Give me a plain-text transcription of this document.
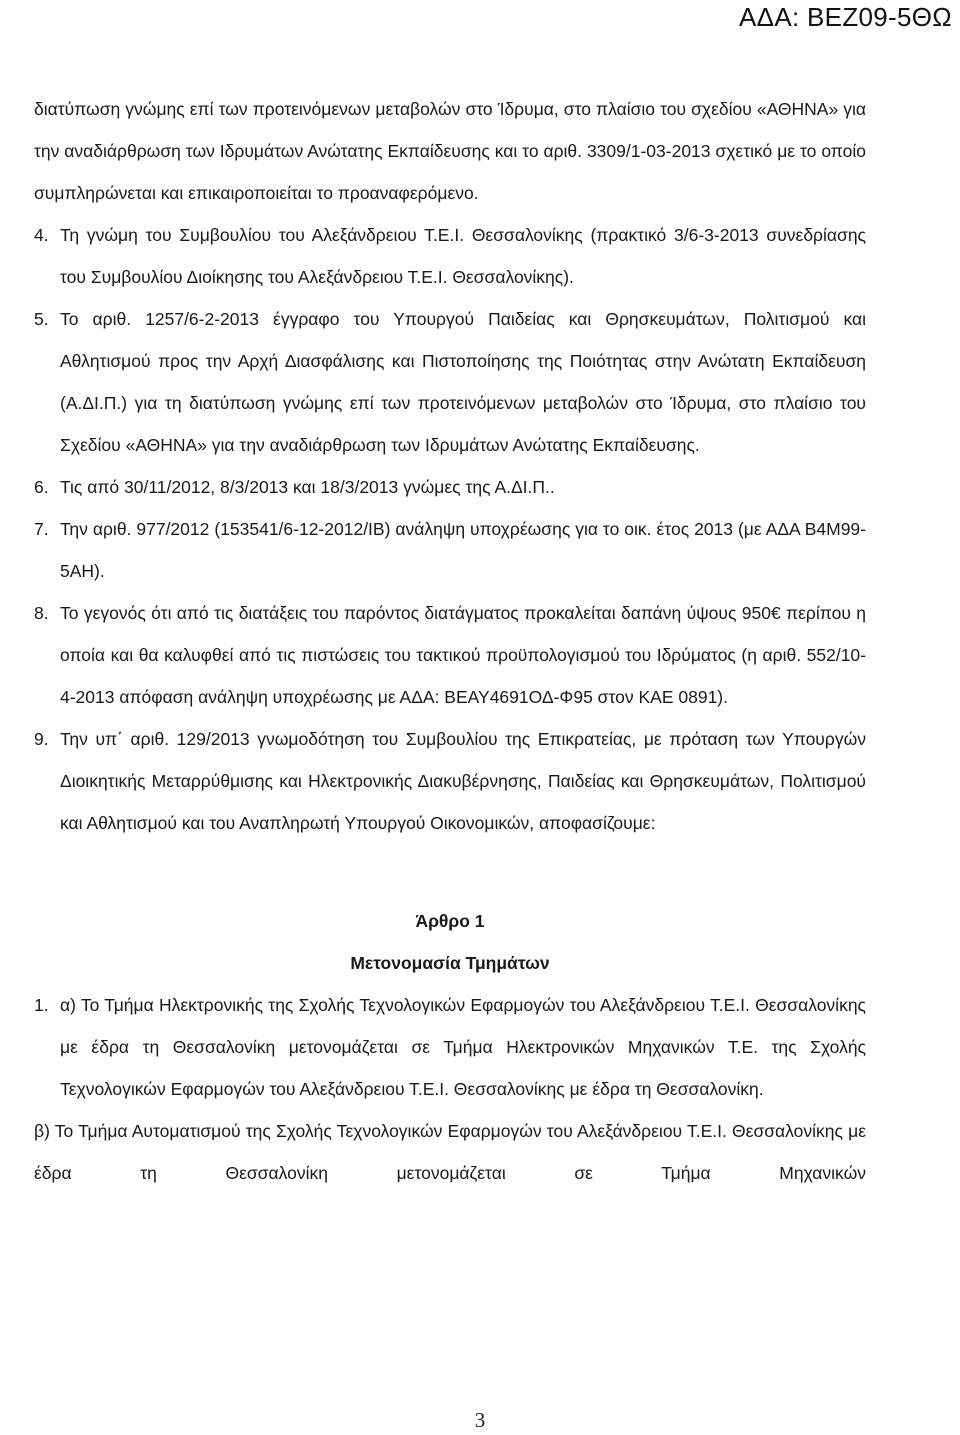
ΑΔΑ: ΒΕΖ09-5ΘΩ

διατύπωση γνώμης επί των προτεινόμενων μεταβολών στο Ίδρυμα, στο πλαίσιο του σχεδίου «ΑΘΗΝΑ» για την αναδιάρθρωση των Ιδρυμάτων Ανώτατης Εκπαίδευσης και το αριθ. 3309/1-03-2013 σχετικό με το οποίο συμπληρώνεται και επικαιροποιείται το προαναφερόμενο.

4. Τη γνώμη του Συμβουλίου του Αλεξάνδρειου Τ.Ε.Ι. Θεσσαλονίκης (πρακτικό 3/6-3-2013 συνεδρίασης του Συμβουλίου Διοίκησης του Αλεξάνδρειου Τ.Ε.Ι. Θεσσαλονίκης).
5. Το αριθ. 1257/6-2-2013 έγγραφο του Υπουργού Παιδείας και Θρησκευμάτων, Πολιτισμού και Αθλητισμού προς την Αρχή Διασφάλισης και Πιστοποίησης της Ποιότητας στην Ανώτατη Εκπαίδευση (Α.ΔΙ.Π.) για τη διατύπωση γνώμης επί των προτεινόμενων μεταβολών στο Ίδρυμα, στο πλαίσιο του Σχεδίου «ΑΘΗΝΑ» για την αναδιάρθρωση των Ιδρυμάτων Ανώτατης Εκπαίδευσης.
6. Τις από 30/11/2012, 8/3/2013 και 18/3/2013 γνώμες της Α.ΔΙ.Π..
7. Την αριθ. 977/2012 (153541/6-12-2012/ΙΒ) ανάληψη υποχρέωσης για το οικ. έτος 2013 (με ΑΔΑ Β4Μ99-5ΑΗ).
8. Το γεγονός ότι από τις διατάξεις του παρόντος διατάγματος προκαλείται δαπάνη ύψους 950€ περίπου η οποία και θα καλυφθεί από τις πιστώσεις του τακτικού προϋπολογισμού του Ιδρύματος (η αριθ. 552/10-4-2013 απόφαση ανάληψη υποχρέωσης με ΑΔΑ: ΒΕΑΥ4691ΟΔ-Φ95 στον ΚΑΕ 0891).
9. Την υπ΄ αριθ. 129/2013 γνωμοδότηση του Συμβουλίου της Επικρατείας, με πρόταση των Υπουργών Διοικητικής Μεταρρύθμισης και Ηλεκτρονικής Διακυβέρνησης, Παιδείας και Θρησκευμάτων, Πολιτισμού και Αθλητισμού και του Αναπληρωτή Υπουργού Οικονομικών, αποφασίζουμε:

Άρθρο 1

Μετονομασία Τμημάτων

1. α) Το Τμήμα Ηλεκτρονικής της Σχολής Τεχνολογικών Εφαρμογών του Αλεξάνδρειου Τ.Ε.Ι. Θεσσαλονίκης με έδρα τη Θεσσαλονίκη μετονομάζεται σε Τμήμα Ηλεκτρονικών Μηχανικών Τ.Ε. της Σχολής Τεχνολογικών Εφαρμογών του Αλεξάνδρειου Τ.Ε.Ι. Θεσσαλονίκης με έδρα τη Θεσσαλονίκη.

β) Το Τμήμα Αυτοματισμού της Σχολής Τεχνολογικών Εφαρμογών του Αλεξάνδρειου Τ.Ε.Ι. Θεσσαλονίκης με έδρα τη Θεσσαλονίκη μετονομάζεται σε Τμήμα Μηχανικών

3
